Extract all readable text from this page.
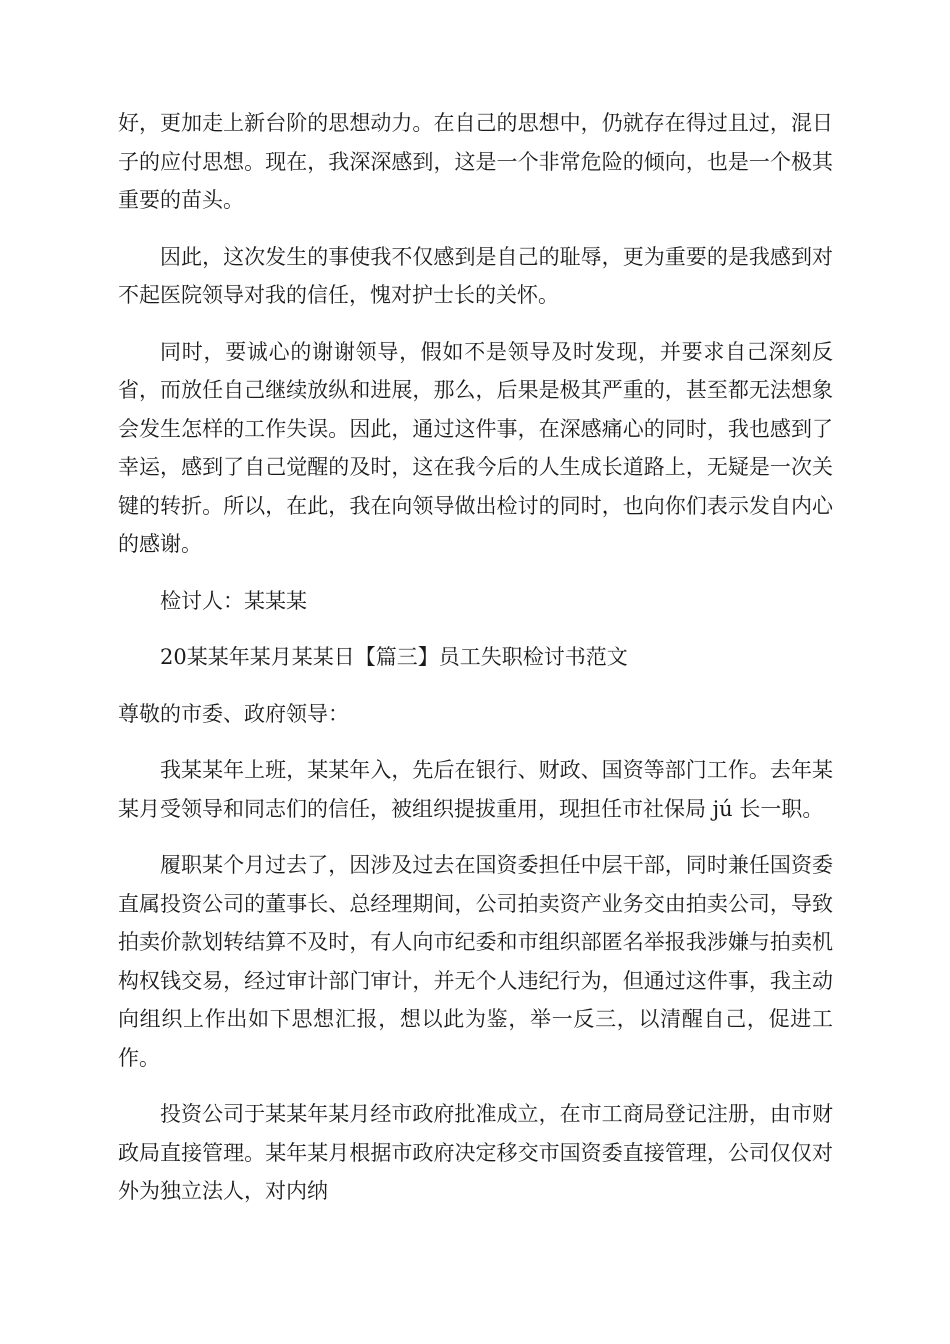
好，更加走上新台阶的思想动力。在自己的思想中，仍就存在得过且过，混日子的应付思想。现在，我深深感到，这是一个非常危险的倾向，也是一个极其重要的苗头。

因此，这次发生的事使我不仅感到是自己的耻辱，更为重要的是我感到对不起医院领导对我的信任，愧对护士长的关怀。

同时，要诚心的谢谢领导，假如不是领导及时发现，并要求自己深刻反省，而放任自己继续放纵和进展，那么，后果是极其严重的，甚至都无法想象会发生怎样的工作失误。因此，通过这件事，在深感痛心的同时，我也感到了幸运，感到了自己觉醒的及时，这在我今后的人生成长道路上，无疑是一次关键的转折。所以，在此，我在向领导做出检讨的同时，也向你们表示发自内心的感谢。

检讨人：某某某

20某某年某月某某日【篇三】员工失职检讨书范文

尊敬的市委、政府领导：

我某某年上班，某某年入，先后在银行、财政、国资等部门工作。去年某某月受领导和同志们的信任，被组织提拔重用，现担任市社保局 jú 长一职。

履职某个月过去了，因涉及过去在国资委担任中层干部，同时兼任国资委直属投资公司的董事长、总经理期间，公司拍卖资产业务交由拍卖公司，导致拍卖价款划转结算不及时，有人向市纪委和市组织部匿名举报我涉嫌与拍卖机构权钱交易，经过审计部门审计，并无个人违纪行为，但通过这件事，我主动向组织上作出如下思想汇报，想以此为鉴，举一反三，以清醒自己，促进工作。

投资公司于某某年某月经市政府批准成立，在市工商局登记注册，由市财政局直接管理。某年某月根据市政府决定移交市国资委直接管理，公司仅仅对外为独立法人，对内纳
